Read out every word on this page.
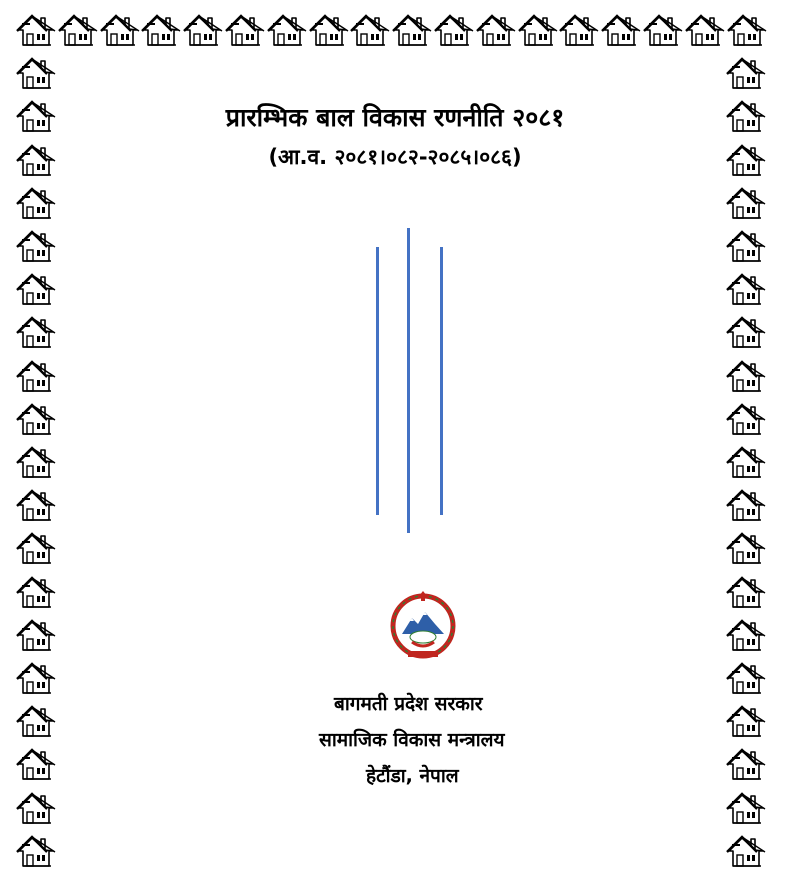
प्रारम्भिक बाल विकास रणनीति २०८१
(आ.व. २०८१।०८२-२०८५।०८६)
बागमती प्रदेश सरकार
सामाजिक विकास मन्त्रालय
हेटौंडा, नेपाल
